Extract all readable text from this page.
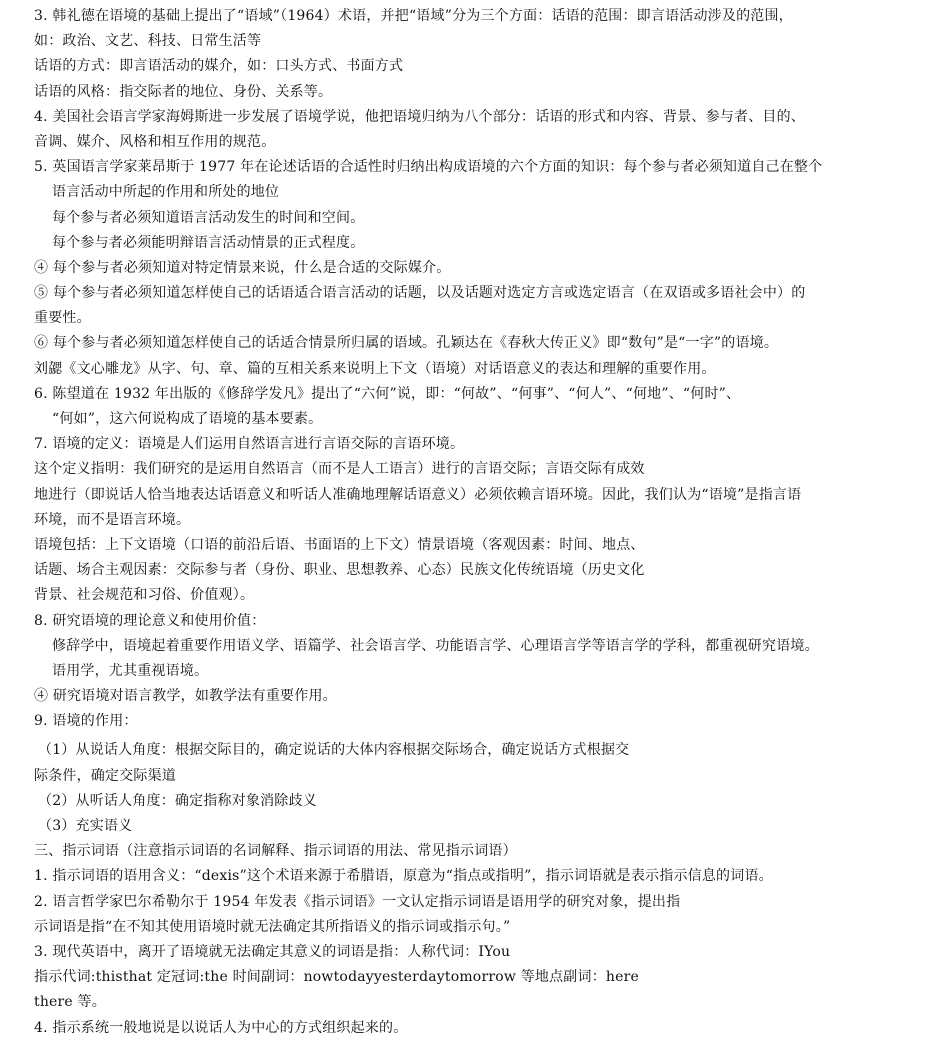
3. 韩礼德在语境的基础上提出了“语域”（1964）术语，并把“语域”分为三个方面：话语的范围：即言语活动涉及的范围，
如：政治、文艺、科技、日常生活等
话语的方式：即言语活动的媒介，如：口头方式、书面方式
话语的风格：指交际者的地位、身份、关系等。
4. 美国社会语言学家海姆斯进一步发展了语境学说，他把语境归纳为八个部分：话语的形式和内容、背景、参与者、目的、
音调、媒介、风格和相互作用的规范。
5. 英国语言学家莱昂斯于 1977 年在论述话语的合适性时归纳出构成语境的六个方面的知识：每个参与者必须知道自己在整个
语言活动中所起的作用和所处的地位
每个参与者必须知道语言活动发生的时间和空间。
每个参与者必须能明辩语言活动情景的正式程度。
④ 每个参与者必须知道对特定情景来说，什么是合适的交际媒介。
⑤ 每个参与者必须知道怎样使自己的话语适合语言活动的话题，以及话题对选定方言或选定语言（在双语或多语社会中）的
重要性。
⑥ 每个参与者必须知道怎样使自己的话适合情景所归属的语域。孔颖达在《春秋大传正义》即“数句”是“一字”的语境。
刘勰《文心雕龙》从字、句、章、篇的互相关系来说明上下文（语境）对话语意义的表达和理解的重要作用。
6. 陈望道在 1932 年出版的《修辞学发凡》提出了“六何”说，即：“何故”、“何事”、“何人”、“何地”、“何时”、
“何如”，这六何说构成了语境的基本要素。
7. 语境的定义：语境是人们运用自然语言进行言语交际的言语环境。
这个定义指明：我们研究的是运用自然语言（而不是人工语言）进行的言语交际；言语交际有成效
地进行（即说话人恰当地表达话语意义和听话人准确地理解话语意义）必须依赖言语环境。因此，我们认为“语境”是指言语
环境，而不是语言环境。
语境包括：上下文语境（口语的前沿后语、书面语的上下文）情景语境（客观因素：时间、地点、
话题、场合主观因素：交际参与者（身份、职业、思想教养、心态）民族文化传统语境（历史文化
背景、社会规范和习俗、价值观）。
8. 研究语境的理论意义和使用价值：
修辞学中，语境起着重要作用语义学、语篇学、社会语言学、功能语言学、心理语言学等语言学的学科，都重视研究语境。
语用学，尤其重视语境。
④ 研究语境对语言教学，如教学法有重要作用。
9. 语境的作用：
（1）从说话人角度：根据交际目的，确定说话的大体内容根据交际场合，确定说话方式根据交
际条件，确定交际渠道
（2）从听话人角度：确定指称对象消除歧义
（3）充实语义
三、指示词语（注意指示词语的名词解释、指示词语的用法、常见指示词语）
1. 指示词语的语用含义：“dexis”这个术语来源于希腊语，原意为“指点或指明”，指示词语就是表示指示信息的词语。
2. 语言哲学家巴尔希勒尔于 1954 年发表《指示词语》一文认定指示词语是语用学的研究对象，提出指
示词语是指“在不知其使用语境时就无法确定其所指语义的指示词或指示句。”
3. 现代英语中，离开了语境就无法确定其意义的词语是指：人称代词：IYou
指示代词:thisthat 定冠词:the 时间副词：nowtodayyesterdaytomorrow 等地点副词：here
there 等。
4. 指示系统一般地说是以说话人为中心的方式组织起来的。
